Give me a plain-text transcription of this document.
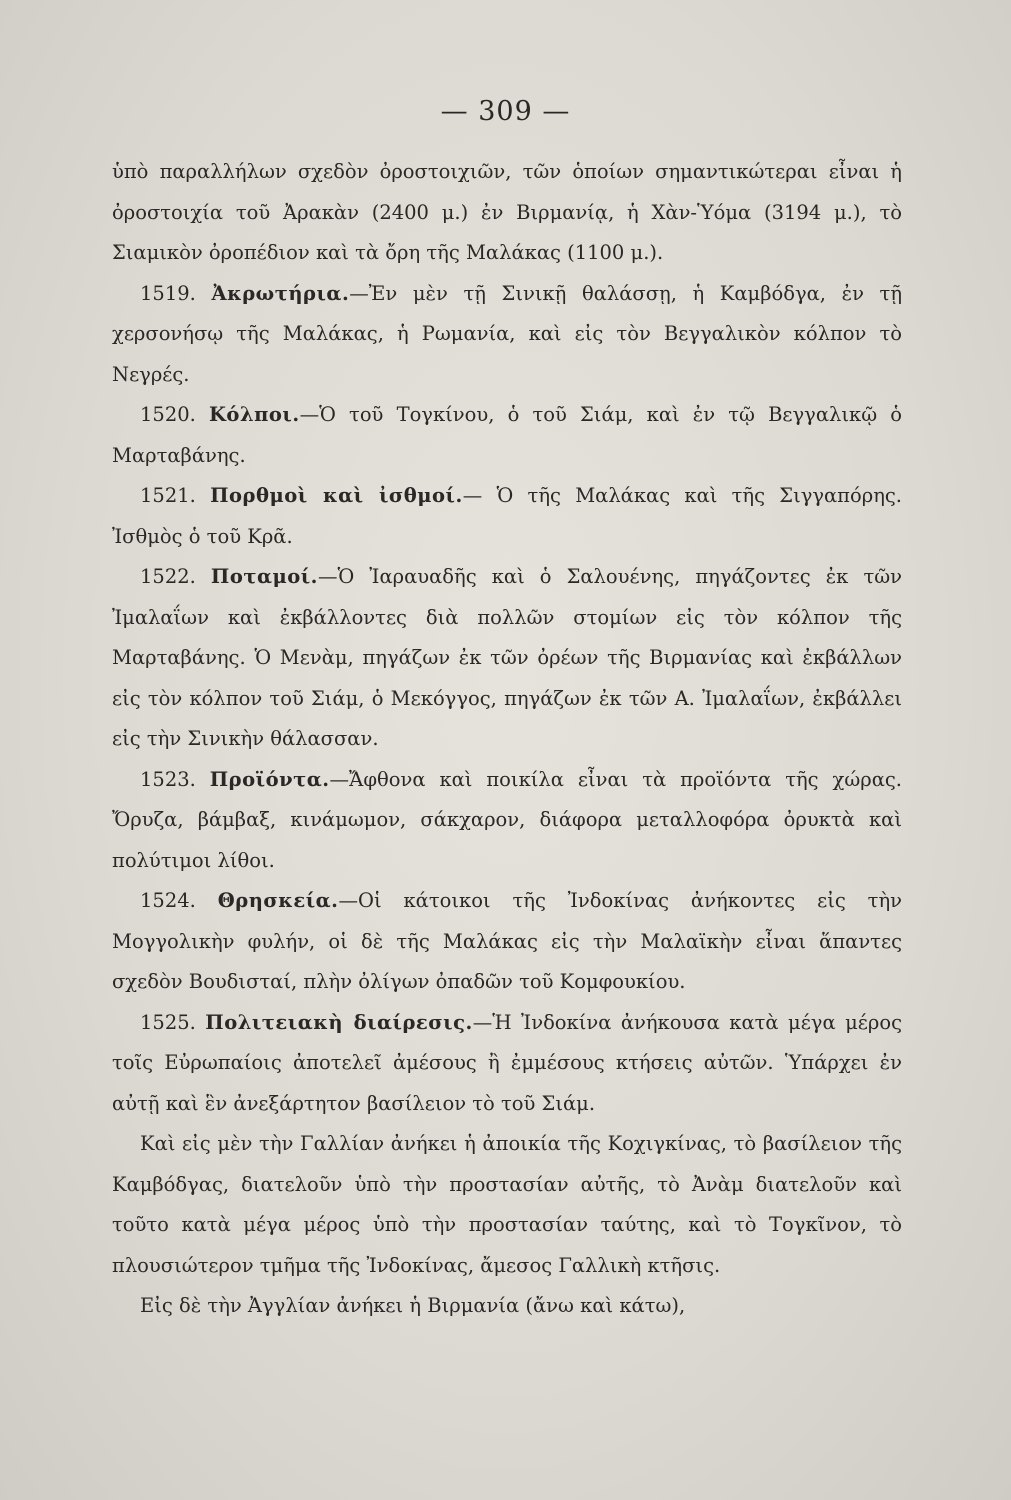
— 309 —

ὑπὸ παραλλήλων σχεδὸν ὀροστοιχιῶν, τῶν ὁποίων σημαντικώτεραι εἶναι ἡ ὀροστοιχία τοῦ Ἀρακὰν (2400 μ.) ἐν Βιρμανίᾳ, ἡ Χὰν-Ὑόμα (3194 μ.), τὸ Σιαμικὸν ὀροπέδιον καὶ τὰ ὄρη τῆς Μαλάκας (1100 μ.).

1519. Ἀκρωτήρια.—Ἐν μὲν τῇ Σινικῇ θαλάσσῃ, ἡ Καμβόδγα, ἐν τῇ χερσονήσῳ τῆς Μαλάκας, ἡ Ρωμανία, καὶ εἰς τὸν Βεγγαλικὸν κόλπον τὸ Νεγρές.

1520. Κόλποι.—Ὁ τοῦ Τογκίνου, ὁ τοῦ Σιάμ, καὶ ἐν τῷ Βεγγαλικῷ ὁ Μαρταβάνης.

1521. Πορθμοὶ καὶ ἰσθμοί.— Ὁ τῆς Μαλάκας καὶ τῆς Σιγγαπόρης. Ἰσθμὸς ὁ τοῦ Κρᾶ.

1522. Ποταμοί.—Ὁ Ἰαραυαδῆς καὶ ὁ Σαλουένης, πηγάζοντες ἐκ τῶν Ἰμαλαΐων καὶ ἐκβάλλοντες διὰ πολλῶν στομίων εἰς τὸν κόλπον τῆς Μαρταβάνης. Ὁ Μενὰμ, πηγάζων ἐκ τῶν ὀρέων τῆς Βιρμανίας καὶ ἐκβάλλων εἰς τὸν κόλπον τοῦ Σιάμ, ὁ Μεκόγγος, πηγάζων ἐκ τῶν Α. Ἰμαλαΐων, ἐκβάλλει εἰς τὴν Σινικὴν θάλασσαν.

1523. Προϊόντα.—Ἄφθονα καὶ ποικίλα εἶναι τὰ προϊόντα τῆς χώρας. Ὄρυζα, βάμβαξ, κινάμωμον, σάκχαρον, διάφορα μεταλλοφόρα ὀρυκτὰ καὶ πολύτιμοι λίθοι.

1524. Θρησκεία.—Οἱ κάτοικοι τῆς Ἰνδοκίνας ἀνήκοντες εἰς τὴν Μογγολικὴν φυλήν, οἱ δὲ τῆς Μαλάκας εἰς τὴν Μαλαϊκὴν εἶναι ἅπαντες σχεδὸν Βουδισταί, πλὴν ὀλίγων ὀπαδῶν τοῦ Κομφουκίου.

1525. Πολιτειακὴ διαίρεσις.—Ἡ Ἰνδοκίνα ἀνήκουσα κατὰ μέγα μέρος τοῖς Εὐρωπαίοις ἀποτελεῖ ἀμέσους ἢ ἐμμέσους κτήσεις αὐτῶν. Ὑπάρχει ἐν αὐτῇ καὶ ἓν ἀνεξάρτητον βασίλειον τὸ τοῦ Σιάμ.

Καὶ εἰς μὲν τὴν Γαλλίαν ἀνήκει ἡ ἀποικία τῆς Κοχιγκίνας, τὸ βασίλειον τῆς Καμβόδγας, διατελοῦν ὑπὸ τὴν προστασίαν αὐτῆς, τὸ Ἀνὰμ διατελοῦν καὶ τοῦτο κατὰ μέγα μέρος ὑπὸ τὴν προστασίαν ταύτης, καὶ τὸ Τογκῖνον, τὸ πλουσιώτερον τμῆμα τῆς Ἰνδοκίνας, ἄμεσος Γαλλικὴ κτῆσις.

Εἰς δὲ τὴν Ἀγγλίαν ἀνήκει ἡ Βιρμανία (ἄνω καὶ κάτω),
